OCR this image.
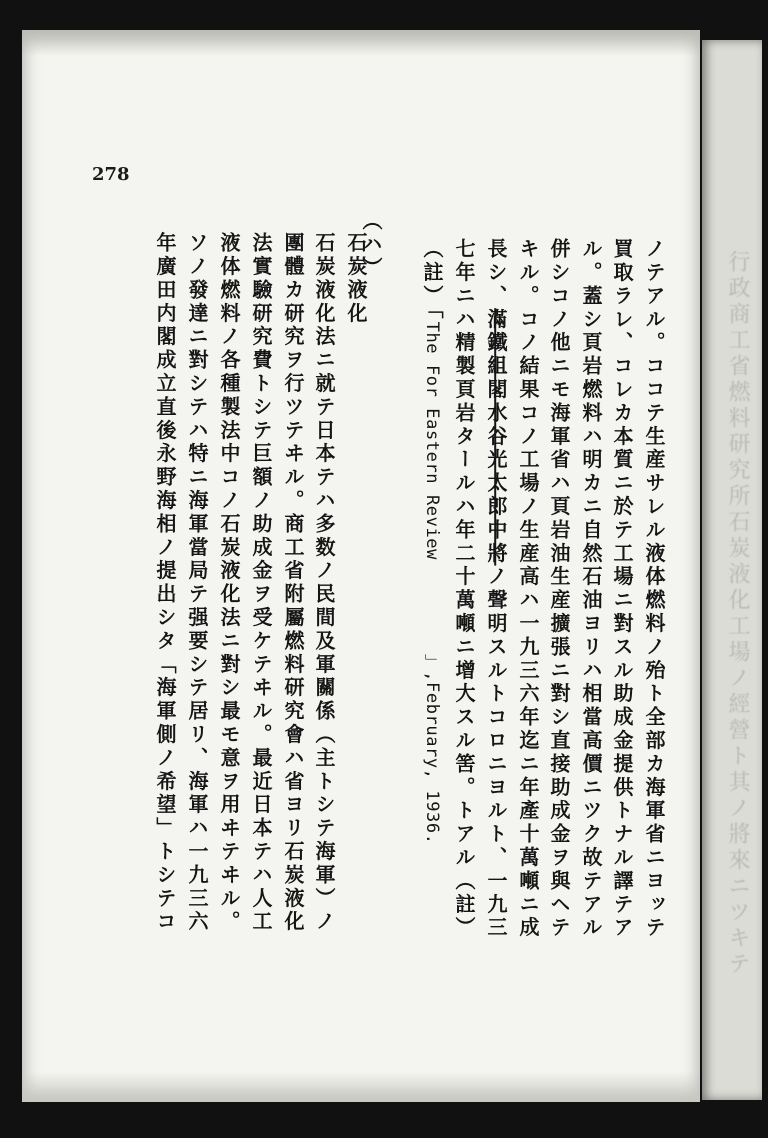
行政商工省燃料研究所石炭液化工場ノ經營ト其ノ將來ニツキテ
278
ノテアル。ココテ生産サレル液体燃料ノ殆ト全部カ海軍省ニヨッテ
買取ラレ、コレカ本質ニ於テ工場ニ對スル助成金提供トナル譯テア
ル。蓋シ頁岩燃料ハ明カニ自然石油ヨリハ相當高價ニツク故テアル
併シコノ他ニモ海軍省ハ頁岩油生産擴張ニ對シ直接助成金ヲ與ヘテ
キル。コノ結果コノ工場ノ生産高ハ一九三六年迄ニ年產十萬噸ニ成
長シ、滿鐵組閣水谷光太郎中將ノ聲明スルトコロニヨルト、一九三
七年ニハ精製頁岩タールハ年二十萬噸ニ增大スル筈。トアル（註）
（註）「The For Eastern Review　　　　」,February, 1936.
（ハ）
石炭液化
石炭液化法ニ就テ日本テハ多数ノ民間及軍關係（主トシテ海軍）ノ
團體カ研究ヲ行ツテヰル。商工省附屬燃料研究會ハ省ヨリ石炭液化
法實驗研究費トシテ巨額ノ助成金ヲ受ケテヰル。最近日本テハ人工
液体燃料ノ各種製法中コノ石炭液化法ニ對シ最モ意ヲ用ヰテヰル。
ソノ發達ニ對シテハ特ニ海軍當局テ强要シテ居リ、海軍ハ一九三六
年廣田内閣成立直後永野海相ノ提出シタ「海軍側ノ希望」トシテコ
